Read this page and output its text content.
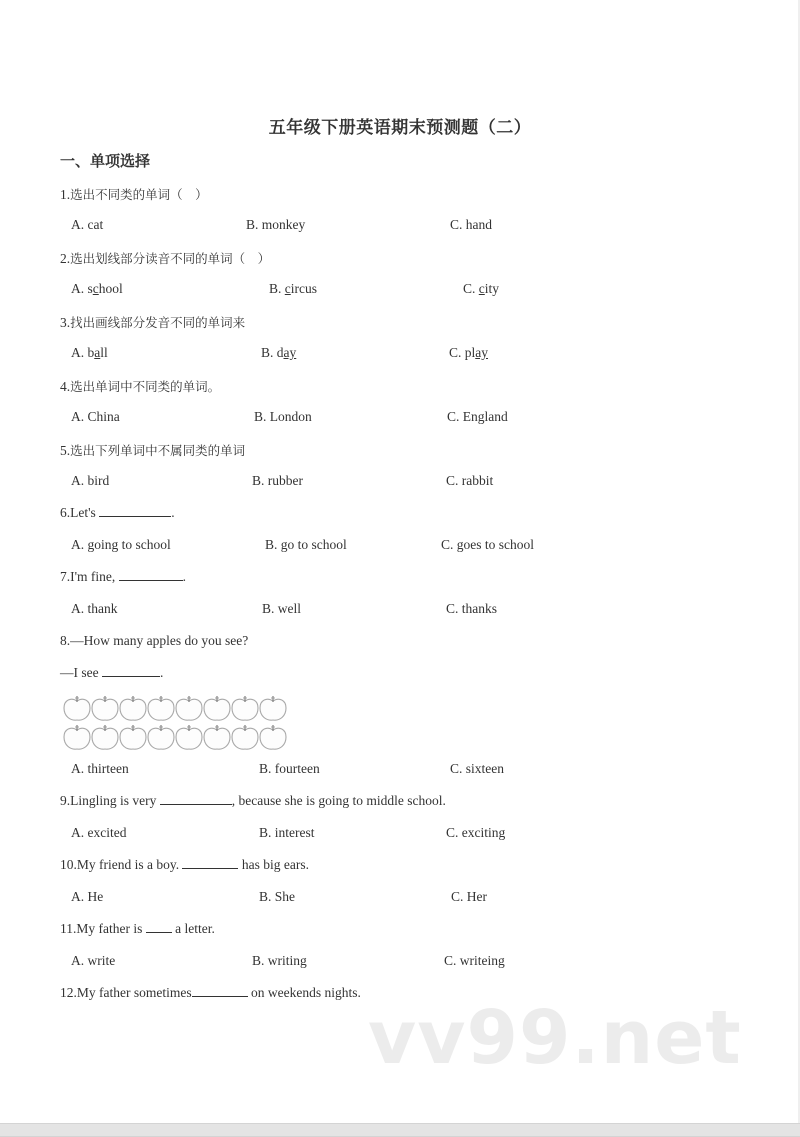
五年级下册英语期末预测题（二）
一、单项选择
1.选出不同类的单词（　）
A. cat	B. monkey	C. hand
2.选出划线部分读音不同的单词（　）
A. school	B. circus	C. city
3.找出画线部分发音不同的单词来
A. ball	B. day	C. play
4.选出单词中不同类的单词。
A. China	B. London	C. England
5.选出下列单词中不属同类的单词
A. bird	B. rubber	C. rabbit
6.Let's	.
A. going to school	B. go to school	C. goes to school
7.I'm fine,	.
A. thank	B. well	C. thanks
8.—How many apples do you see?
—I see	.
A. thirteen	B. fourteen	C. sixteen
9.Lingling is very	, because she is going to middle school.
A. excited	B. interest	C. exciting
10.My friend is a boy.	has big ears.
A. He	B. She	C. Her
11.My father is  a letter.
A. write	B. writing	C. writeing
12.My father sometimes	on weekends nights.
vv99.net
